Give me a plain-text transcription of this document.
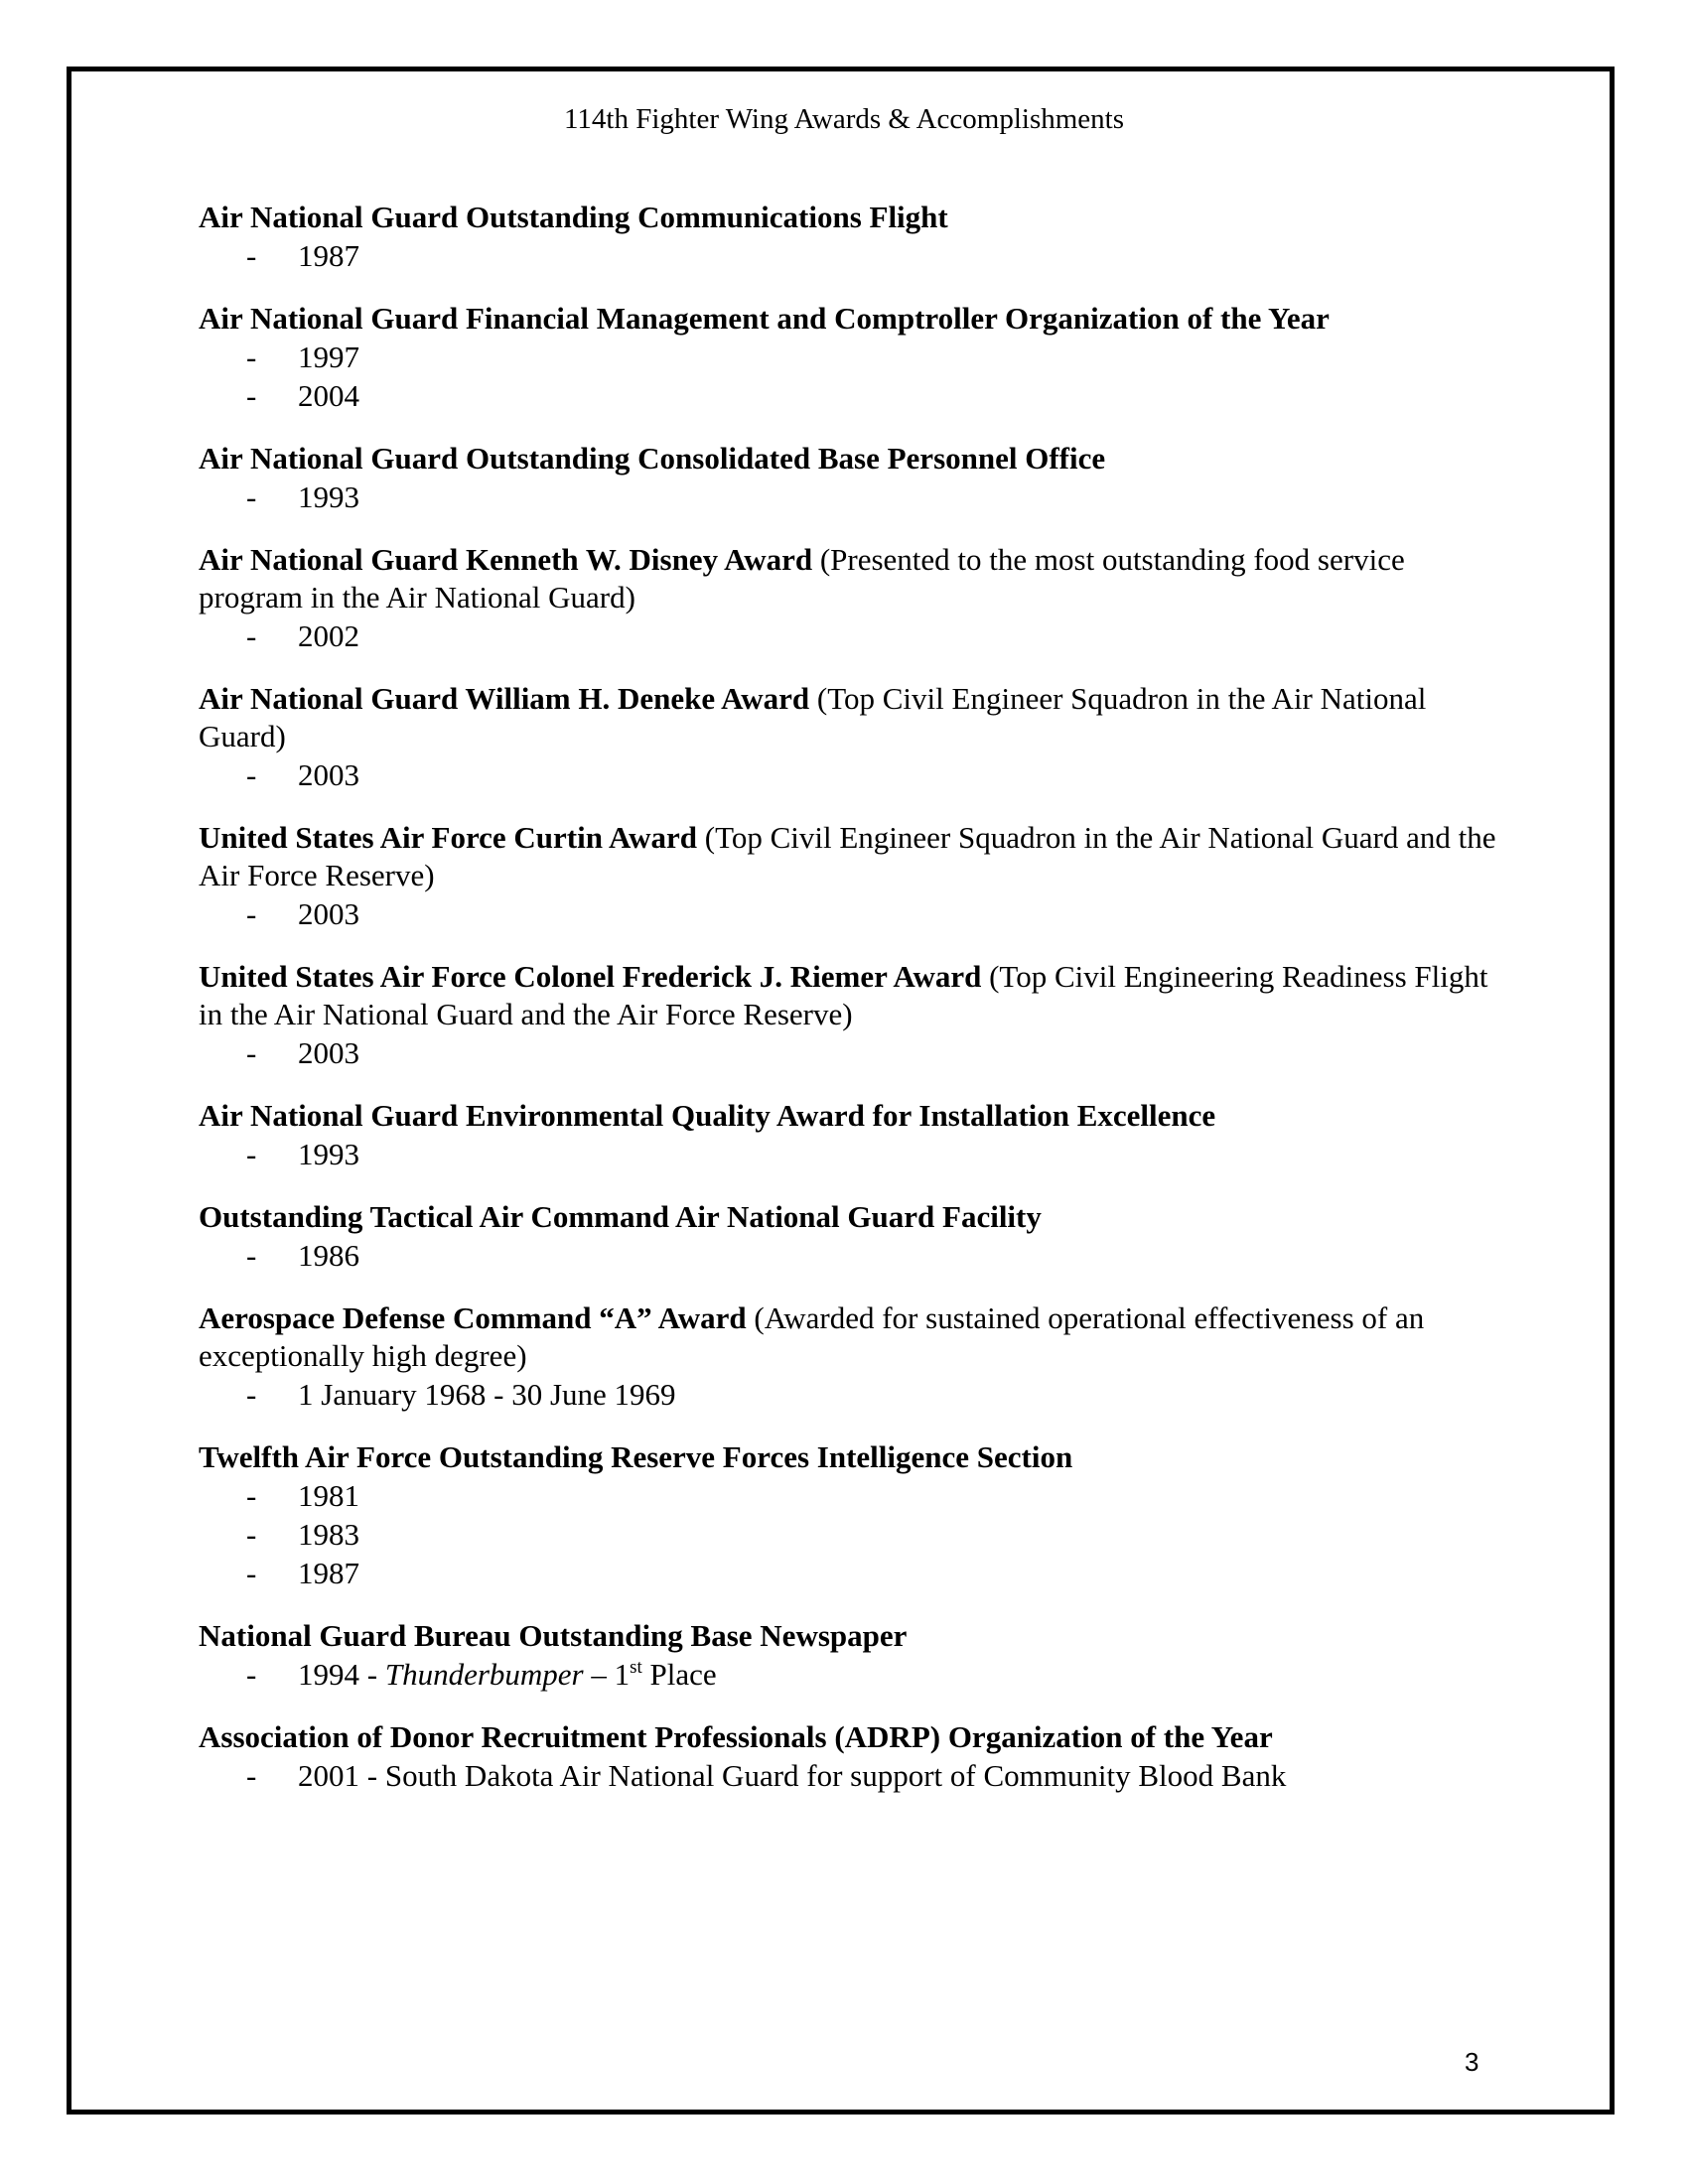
114th Fighter Wing Awards & Accomplishments
Air National Guard Outstanding Communications Flight
- 1987
Air National Guard Financial Management and Comptroller Organization of the Year
- 1997
- 2004
Air National Guard Outstanding Consolidated Base Personnel Office
- 1993
Air National Guard Kenneth W. Disney Award (Presented to the most outstanding food service program in the Air National Guard)
- 2002
Air National Guard William H. Deneke Award (Top Civil Engineer Squadron in the Air National Guard)
- 2003
United States Air Force Curtin Award (Top Civil Engineer Squadron in the Air National Guard and the Air Force Reserve)
- 2003
United States Air Force Colonel Frederick J. Riemer Award (Top Civil Engineering Readiness Flight in the Air National Guard and the Air Force Reserve)
- 2003
Air National Guard Environmental Quality Award for Installation Excellence
- 1993
Outstanding Tactical Air Command Air National Guard Facility
- 1986
Aerospace Defense Command “A” Award (Awarded for sustained operational effectiveness of an exceptionally high degree)
- 1 January 1968 - 30 June 1969
Twelfth Air Force Outstanding Reserve Forces Intelligence Section
- 1981
- 1983
- 1987
National Guard Bureau Outstanding Base Newspaper
- 1994 - Thunderbumper – 1st Place
Association of Donor Recruitment Professionals (ADRP) Organization of the Year
- 2001 - South Dakota Air National Guard for support of Community Blood Bank
3
